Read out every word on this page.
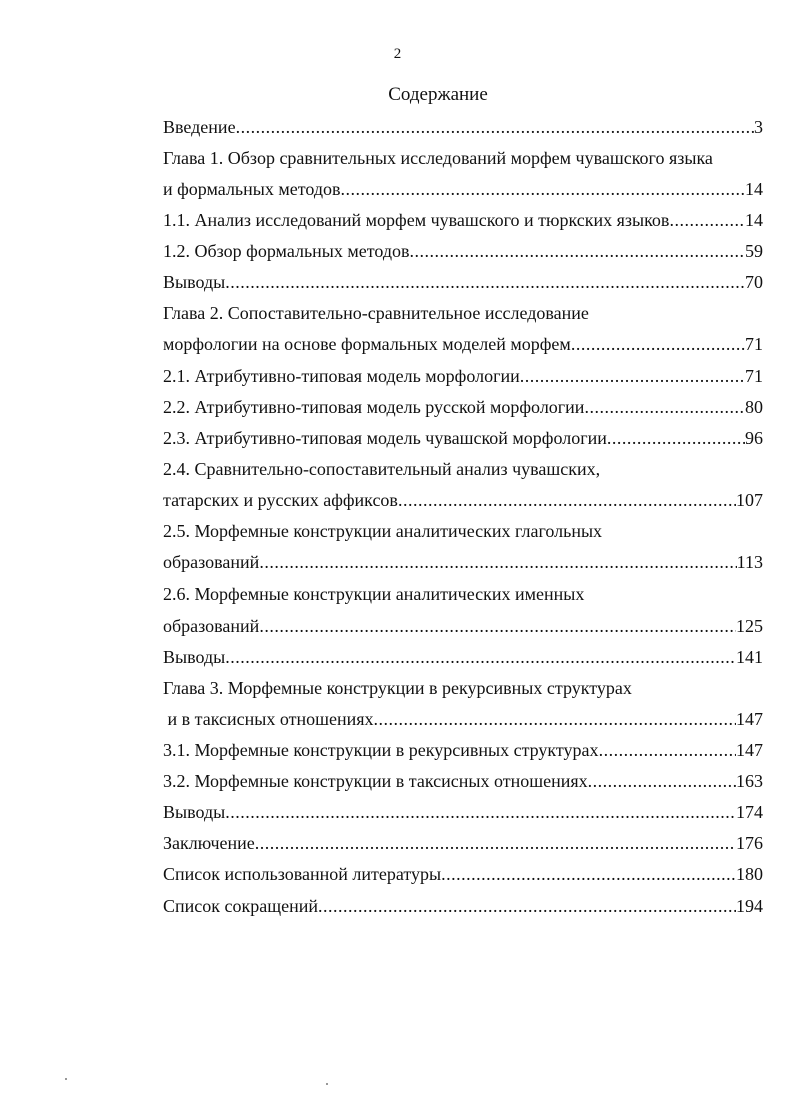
2
Содержание
Введение .....	3
Глава 1. Обзор сравнительных исследований морфем чувашского языка
и формальных методов .....	14
1.1. Анализ исследований морфем чувашского и тюркских языков .....	14
1.2. Обзор формальных методов .....	59
Выводы .....	70
Глава 2. Сопоставительно-сравнительное исследование
морфологии на основе формальных моделей морфем .....	71
2.1. Атрибутивно-типовая модель морфологии .....	71
2.2. Атрибутивно-типовая модель русской морфологии .....	80
2.3. Атрибутивно-типовая модель чувашской морфологии .....	96
2.4. Сравнительно-сопоставительный анализ чувашских,
татарских и русских аффиксов .....	107
2.5. Морфемные конструкции аналитических глагольных
образований .....	113
2.6. Морфемные конструкции аналитических именных
образований .....	125
Выводы .....	141
Глава 3. Морфемные конструкции в рекурсивных структурах
и в таксисных отношениях .....	147
3.1. Морфемные конструкции в рекурсивных структурах .....	147
3.2. Морфемные конструкции в таксисных отношениях .....	163
Выводы .....	174
Заключение .....	176
Список использованной литературы .....	180
Список сокращений .....	194
